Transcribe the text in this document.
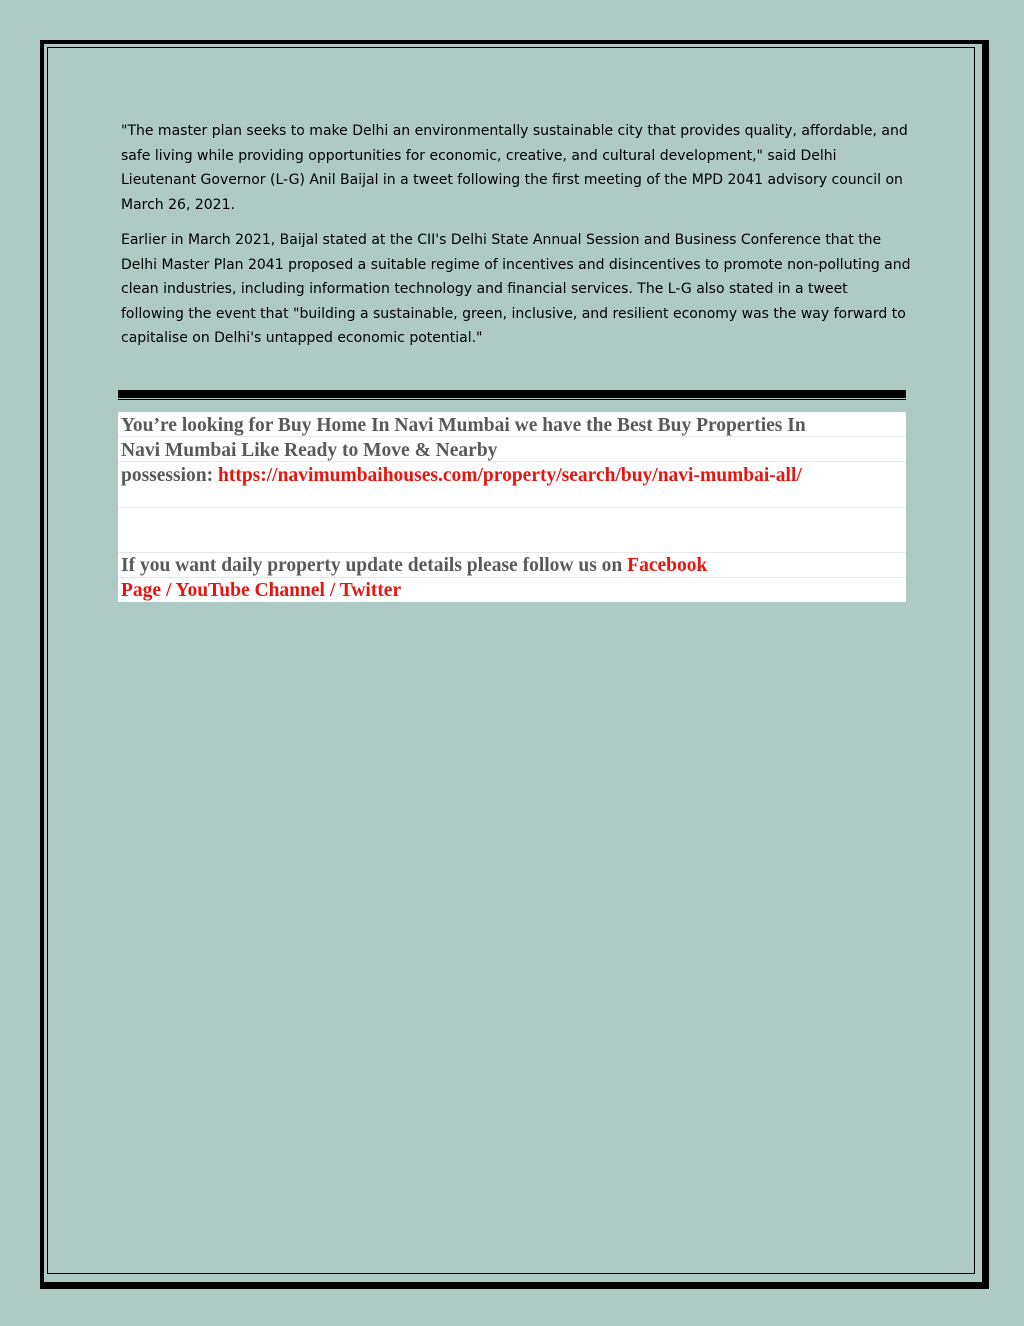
"The master plan seeks to make Delhi an environmentally sustainable city that provides quality, affordable, and safe living while providing opportunities for economic, creative, and cultural development," said Delhi Lieutenant Governor (L-G) Anil Baijal in a tweet following the first meeting of the MPD 2041 advisory council on March 26, 2021.

Earlier in March 2021, Baijal stated at the CII's Delhi State Annual Session and Business Conference that the Delhi Master Plan 2041 proposed a suitable regime of incentives and disincentives to promote non-polluting and clean industries, including information technology and financial services. The L-G also stated in a tweet following the event that "building a sustainable, green, inclusive, and resilient economy was the way forward to capitalise on Delhi's untapped economic potential."

You’re looking for Buy Home In Navi Mumbai we have the Best Buy Properties In
Navi Mumbai Like Ready to Move & Nearby
possession: https://navimumbaihouses.com/property/search/buy/navi-mumbai-all/
If you want daily property update details please follow us on Facebook
Page / YouTube Channel / Twitter
